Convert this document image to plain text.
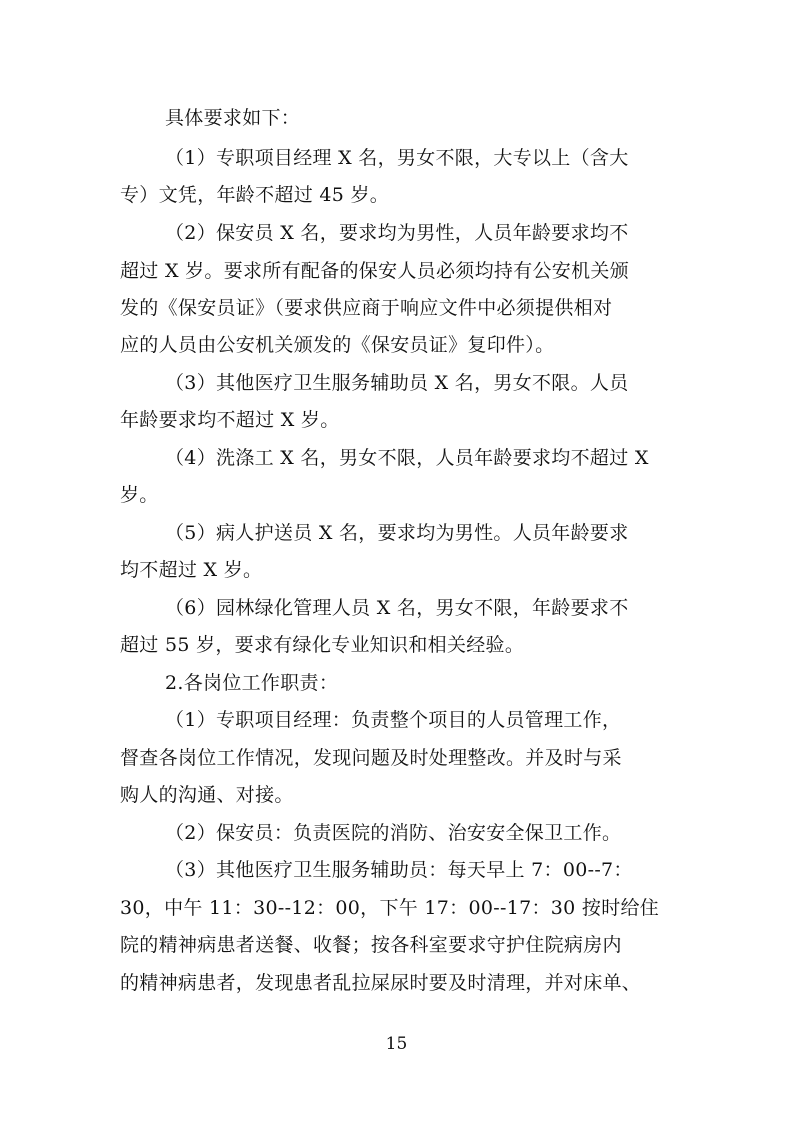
具体要求如下：
（1）专职项目经理 X 名，男女不限，大专以上（含大
专）文凭，年龄不超过 45 岁。
（2）保安员 X 名，要求均为男性，人员年龄要求均不
超过 X 岁。要求所有配备的保安人员必须均持有公安机关颁
发的《保安员证》（要求供应商于响应文件中必须提供相对
应的人员由公安机关颁发的《保安员证》复印件）。
（3）其他医疗卫生服务辅助员 X 名，男女不限。人员
年龄要求均不超过 X 岁。
（4）洗涤工 X 名，男女不限，人员年龄要求均不超过 X
岁。
（5）病人护送员 X 名，要求均为男性。人员年龄要求
均不超过 X 岁。
（6）园林绿化管理人员 X 名，男女不限，年龄要求不
超过 55 岁，要求有绿化专业知识和相关经验。
2.各岗位工作职责：
（1）专职项目经理：负责整个项目的人员管理工作，
督查各岗位工作情况，发现问题及时处理整改。并及时与采
购人的沟通、对接。
（2）保安员：负责医院的消防、治安安全保卫工作。
（3）其他医疗卫生服务辅助员：每天早上 7：00--7：
30，中午 11：30--12：00，下午 17：00--17：30 按时给住
院的精神病患者送餐、收餐；按各科室要求守护住院病房内
的精神病患者，发现患者乱拉屎尿时要及时清理，并对床单、
15
